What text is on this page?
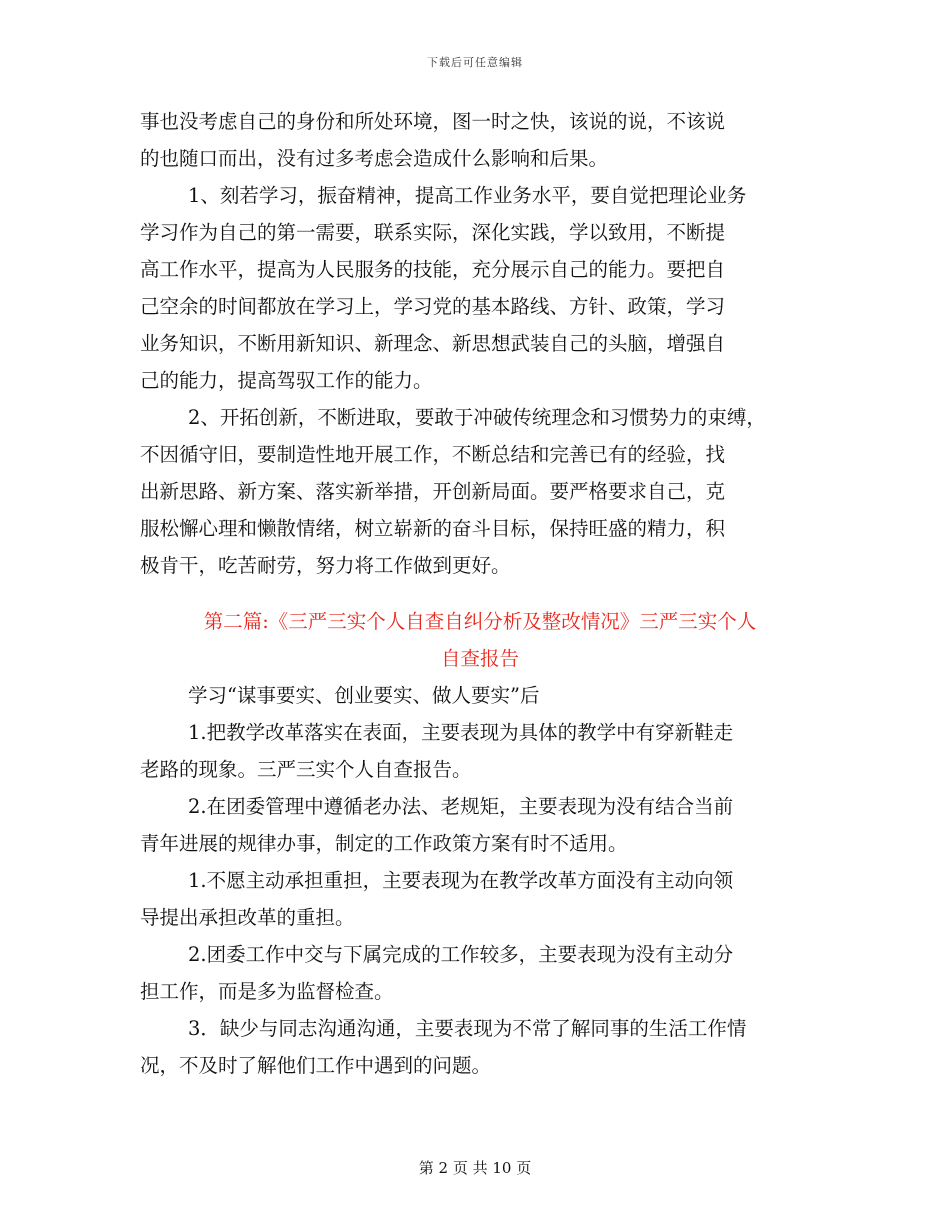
下载后可任意编辑
事也没考虑自己的身份和所处环境，图一时之快，该说的说，不该说
的也随口而出，没有过多考虑会造成什么影响和后果。
1、刻若学习，振奋精神，提高工作业务水平，要自觉把理论业务
学习作为自己的第一需要，联系实际，深化实践，学以致用，不断提
高工作水平，提高为人民服务的技能，充分展示自己的能力。要把自
己空余的时间都放在学习上，学习党的基本路线、方针、政策，学习
业务知识，不断用新知识、新理念、新思想武装自己的头脑，增强自
己的能力，提高驾驭工作的能力。
2、开拓创新，不断进取，要敢于冲破传统理念和习惯势力的束缚，
不因循守旧，要制造性地开展工作，不断总结和完善已有的经验，找
出新思路、新方案、落实新举措，开创新局面。要严格要求自己，克
服松懈心理和懒散情绪，树立崭新的奋斗目标，保持旺盛的精力，积
极肯干，吃苦耐劳，努力将工作做到更好。
第二篇:《三严三实个人自查自纠分析及整改情况》三严三实个人
自查报告
学习“谋事要实、创业要实、做人要实”后
1.把教学改革落实在表面，主要表现为具体的教学中有穿新鞋走
老路的现象。三严三实个人自查报告。
2.在团委管理中遵循老办法、老规矩，主要表现为没有结合当前
青年进展的规律办事，制定的工作政策方案有时不适用。
1.不愿主动承担重担，主要表现为在教学改革方面没有主动向领
导提出承担改革的重担。
2.团委工作中交与下属完成的工作较多，主要表现为没有主动分
担工作，而是多为监督检查。
3．缺少与同志沟通沟通，主要表现为不常了解同事的生活工作情
况，不及时了解他们工作中遇到的问题。
第 2 页 共 10 页
